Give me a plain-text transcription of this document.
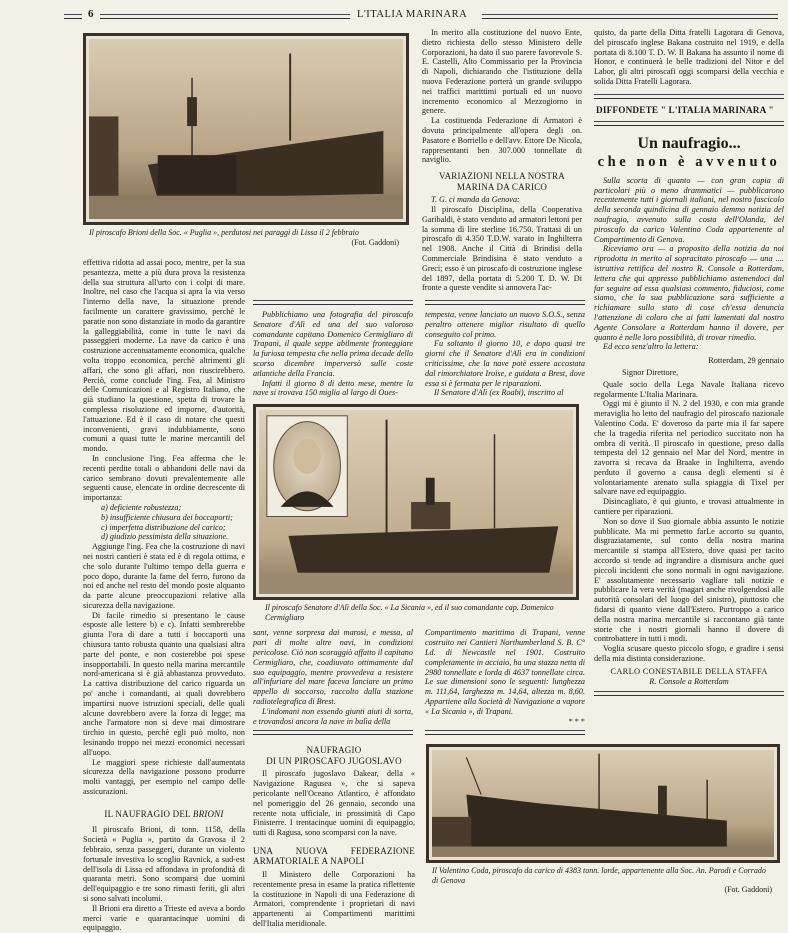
6	L'ITALIA MARINARA
Il piroscafo Brioni della Soc. « Puglia », perdutosi nei paraggi di Lissa il 2 febbraio
(Fot. Gaddoni)

effettiva ridotta ad assai poco, mentre, per la sua pesantezza, mette a più dura prova la resistenza della sua struttura all'urto con i colpi di mare. Inoltre, nel caso che l'acqua si apra la via verso l'interno della nave, la situazione prende facilmente un carattere gravissimo, perchè le paratie non sono distanziate in modo da garantire la galleggiabilità, come in tutte le navi da passeggieri moderne. La nave da carico è una costruzione accentuatamente economica, qualche volta troppo economica, perchè altrimenti gli affari, che sono gli affari, non riuscirebbero. Perciò, come conclude l'ing. Fea, al Ministro delle Comunicazioni e al Registro Italiano, che già studiano la questione, spetta di trovare la complessa risoluzione ed imporne, d'autorità, l'attuazione. Ed è il caso di notare che questi inconvenienti, gravi indubbiamente, sono comuni a quasi tutte le marine mercantili del mondo.

In conclusione l'ing. Fea afferma che le recenti perdite totali o abbandoni delle navi da carico sembrano dovuti prevalentemente alle seguenti cause, elencate in ordine decrescente di importanza:

a) deficiente robustezza;

b) insufficiente chiusura dei boccaporti;

c) imperfetta distribuzione del carico;

d) giudizio pessimista della situazione.

Aggiunge l'ing. Fea che la costruzione di navi nei nostri cantieri è stata ed è di regola ottima, e che solo durante l'ultimo tempo della guerra e poco dopo, durante la fame del ferro, furono da noi ed anche nel resto del mondo poste alquanto da parte alcune preoccupazioni relative alla sicurezza della navigazione.

Di facile rimedio si presentano le cause esposte alle lettere b) e c). Infatti sembrerebbe giunta l'ora di dare a tutti i boccaporti una chiusura tanto robusta quanto una qualsiasi altra parte del ponte, e non costerebbe poi spese insopportabili. In questo nella marina mercantile nord-americana si è già abbastanza provveduto. La cattiva distribuzione del carico riguarda un po' anche i comandanti, ai quali dovrebbero impartirsi nuove istruzioni speciali, delle quali alcune dovrebbero avere la forza di legge; ma anche l'armatore non si deve mai dimostrare tirchio in questo, perchè egli può molto, non lesinando troppo nei mezzi economici necessari all'uopo.

Le maggiori spese richieste dall'aumentata sicurezza della navigazione possono produrre molti vantaggi, per esempio nel campo delle assicurazioni.

IL NAUFRAGIO DEL BRIONI

Il piroscafo Brioni, di tonn. 1158, della Società « Puglia », partito da Gravosa il 2 febbraio, senza passeggeri, durante un violento fortunale investiva lo scoglio Ravnick, a sud-est dell'isola di Lissa ed affondava in profondità di quaranta metri. Sono scomparsi due uomini dell'equipaggio e tre sono rimasti feriti, gli altri si sono salvati incolumi.

Il Brioni era diretto a Trieste ed aveva a bordo merci varie e quarantacinque uomini di equipaggio.

In merito alla costituzione del nuovo Ente, dietro richiesta dello stesso Ministero delle Corporazioni, ha dato il suo parere favorevole S. E. Castelli, Alto Commissario per la Provincia di Napoli, dichiarando che l'istituzione della nuova Federazione porterà un grande sviluppo nei traffici marittimi portuali ed un nuovo incremento economico al Mezzogiorno in genere.

La costituenda Federazione di Armatori è dovuta principalmente all'opera degli on. Pasatore e Borriello e dell'avv. Ettore De Nicola, rappresentanti ben 307.000 tonnellate di naviglio.

VARIAZIONI NELLA NOSTRA MARINA DA CARICO

T. G. ci manda da Genova:

Il piroscafo Disciplina, della Cooperativa Garibaldi, è stato venduto ad armatori lettoni per la somma di lire sterline 16.750. Trattasi di un piroscafo di 4.350 T.D.W. varato in Inghilterra nel 1908. Anche il Città di Brindisi della Commerciale Brindisina è stato venduto a Greci; esso è un piroscafo di costruzione inglese del 1897, della portata di 5.200 T. D. W. Di fronte a queste vendite si annovera l'ac-

Pubblichiamo una fotografia del piroscafo Senatore d'Alì ed una del suo valoroso comandante capitano Domenico Cermigliaro di Trapani, il quale seppe abilmente fronteggiare la furiosa tempesta che nella prima decade dello scorso dicembre imperversò sulle coste atlantiche della Francia.

Infatti il giorno 8 di detto mese, mentre la nave si trovava 150 miglia al largo di Oues-

tempesta, venne lanciato un nuovo S.O.S., senza peraltro ottenere miglior risultato di quello conseguito col primo.

Fu soltanto il giorno 10, e dopo quasi tre giorni che il Senatore d'Alì era in condizioni criticissime, che la nave potè essere accostata dal rimorchiatore Iroise, e guidata a Brest, dove essa si è fermata per le riparazioni.

Il Senatore d'Alì (ex Roabi), inscritto al

Il piroscafo Senatore d'Alì della Soc. « La Sicania », ed il suo comandante cap. Domenico Cermigliaro

sant, venne sorpresa dai marosi, e messa, al pari di molte altre navi, in condizioni pericolose. Ciò non scoraggiò affatto il capitano Cermigliaro, che, coadiuvato ottimamente dal suo equipaggio, mentre provvedeva a resistere all'infuriare del mare faceva lanciare un primo appello di soccorso, raccolto dalla stazione radiotelegrafica di Brest.

L'indomani non essendo giunti aiuti di sorta, e trovandosi ancora la nave in balìa della

Compartimento marittimo di Trapani, venne costruito nei Cantieri Northumberland S. B. C° Ld. di Newcastle nel 1901. Costruito completamente in acciaio, ha una stazza netta di 2980 tonnellate e lorda di 4637 tonnellate circa. Le sue dimensioni sono le seguenti: lunghezza m. 111,64, larghezza m. 14,64, altezza m. 8,60. Appartiene alla Società di Navigazione a vapore « La Sicania », di Trapani.

* * *
NAUFRAGIO
DI UN PIROSCAFO JUGOSLAVO

Il piroscafo jugoslavo Dakear, della « Navigazione Ragusea », che si sapeva pericolante nell'Oceano Atlantico, è affondato nel pomeriggio del 26 gennaio, secondo una recente nota ufficiale, in prossimità di Capo Finisterre. I trentacinque uomini di equipaggio, tutti di Ragusa, sono scomparsi con la nave.

UNA NUOVA FEDERAZIONE ARMATORIALE A NAPOLI

Il Ministero delle Corporazioni ha recentemente presa in esame la pratica riflettente la costituzione in Napoli di una Federazione di Armatori, comprendente i proprietari di navi appartenenti ai Compartimenti marittimi dell'Italia meridionale.

quisto, da parte della Ditta fratelli Lagorara di Genova, del piroscafo inglese Bakana costruito nel 1919, e della portata di 8.100 T. D. W. Il Bakana ha assunto il nome di Honor, e continuerà le belle tradizioni del Nitor e del Labor, gli altri piroscafi oggi scomparsi della vecchia e solida Ditta Fratelli Lagorara.

DIFFONDETE " L'ITALIA MARINARA "
Un naufragio...
che non è avvenuto

Sulla scorta di quanto — con gran copia di particolari più o meno drammatici — pubblicarono recentemente tutti i giornali italiani, nel nostro fascicolo della seconda quindicina di gennaio demmo notizia del naufragio, avvenuto sulla costa dell'Olanda, del piroscafo da carico Valentino Coda appartenente al Compartimento di Genova.

Riceviamo ora — a proposito della notizia da noi riprodotta in merito al sopracitato piroscafo — una .... istruttiva rettifica del nostro R. Console a Rotterdam, lettera che qui appresso pubblichiamo astenendoci dal far seguire ad essa qualsiasi commento, fiduciosi, come siamo, che la sua pubblicazione sarà sufficiente a richiamare sullo stato di cose ch'essa denuncia l'attenzione di coloro che ai fatti lamentati dal nostro Agente Consolare a Rotterdam hanno il dovere, per quanto è nelle loro possibilità, di trovar rimedio.

Ed ecco senz'altro la lettera:

Rotterdam, 29 gennaio
Signor Direttore,

Quale socio della Lega Navale Italiana ricevo regolarmente L'Italia Marinara.

Oggi mi è giunto il N. 2 del 1930, e con mia grande meraviglia ho letto del naufragio del piroscafo nazionale Valentino Coda. E' doveroso da parte mia il far sapere che la tragedia riferita nel periodico succitato non ha ombra di verità. Il piroscafo in questione, preso dalla tempesta del 12 gennaio nel Mar del Nord, mentre in zavorra si recava da Braake in Inghilterra, avendo perduto il governo a causa degli elementi si è volontariamente arenato sulla spiaggia di Tixel per salvare nave ed equipaggio.

Disincagliato, è qui giunto, e trovasi attualmente in cantiere per riparazioni.

Non so dove il Suo giornale abbia assunto le notizie pubblicate. Ma mi permetto farLe accorto su quanto, disgraziatamente, sul conto della nostra marina mercantile si stampa all'Estero, dove quasi per tacito accordo si tende ad ingrandire a dismisura anche quei piccoli incidenti che sono normali in ogni navigazione. E' assolutamente necessario vagliare tali notizie e pubblicare la vera verità (magari anche rivolgendosi alle autorità consolari del luogo del sinistro), piuttosto che fidarsi di quanto viene dall'Estero. Purtroppo a carico della nostra marina mercantile si raccontano già tante storie che i nostri giornali hanno il dovere di controbattere in tutti i modi.

Voglia scusare questo piccolo sfogo, e gradire i sensi della mia distinta considerazione.

CARLO CONESTABILE DELLA STAFFA
R. Console a Rotterdam
Il Valentino Coda, piroscafo da carico di 4383 tonn. lorde, appartenente alla Soc. An. Parodi e Corrado di Genova
(Fot. Gaddoni)
